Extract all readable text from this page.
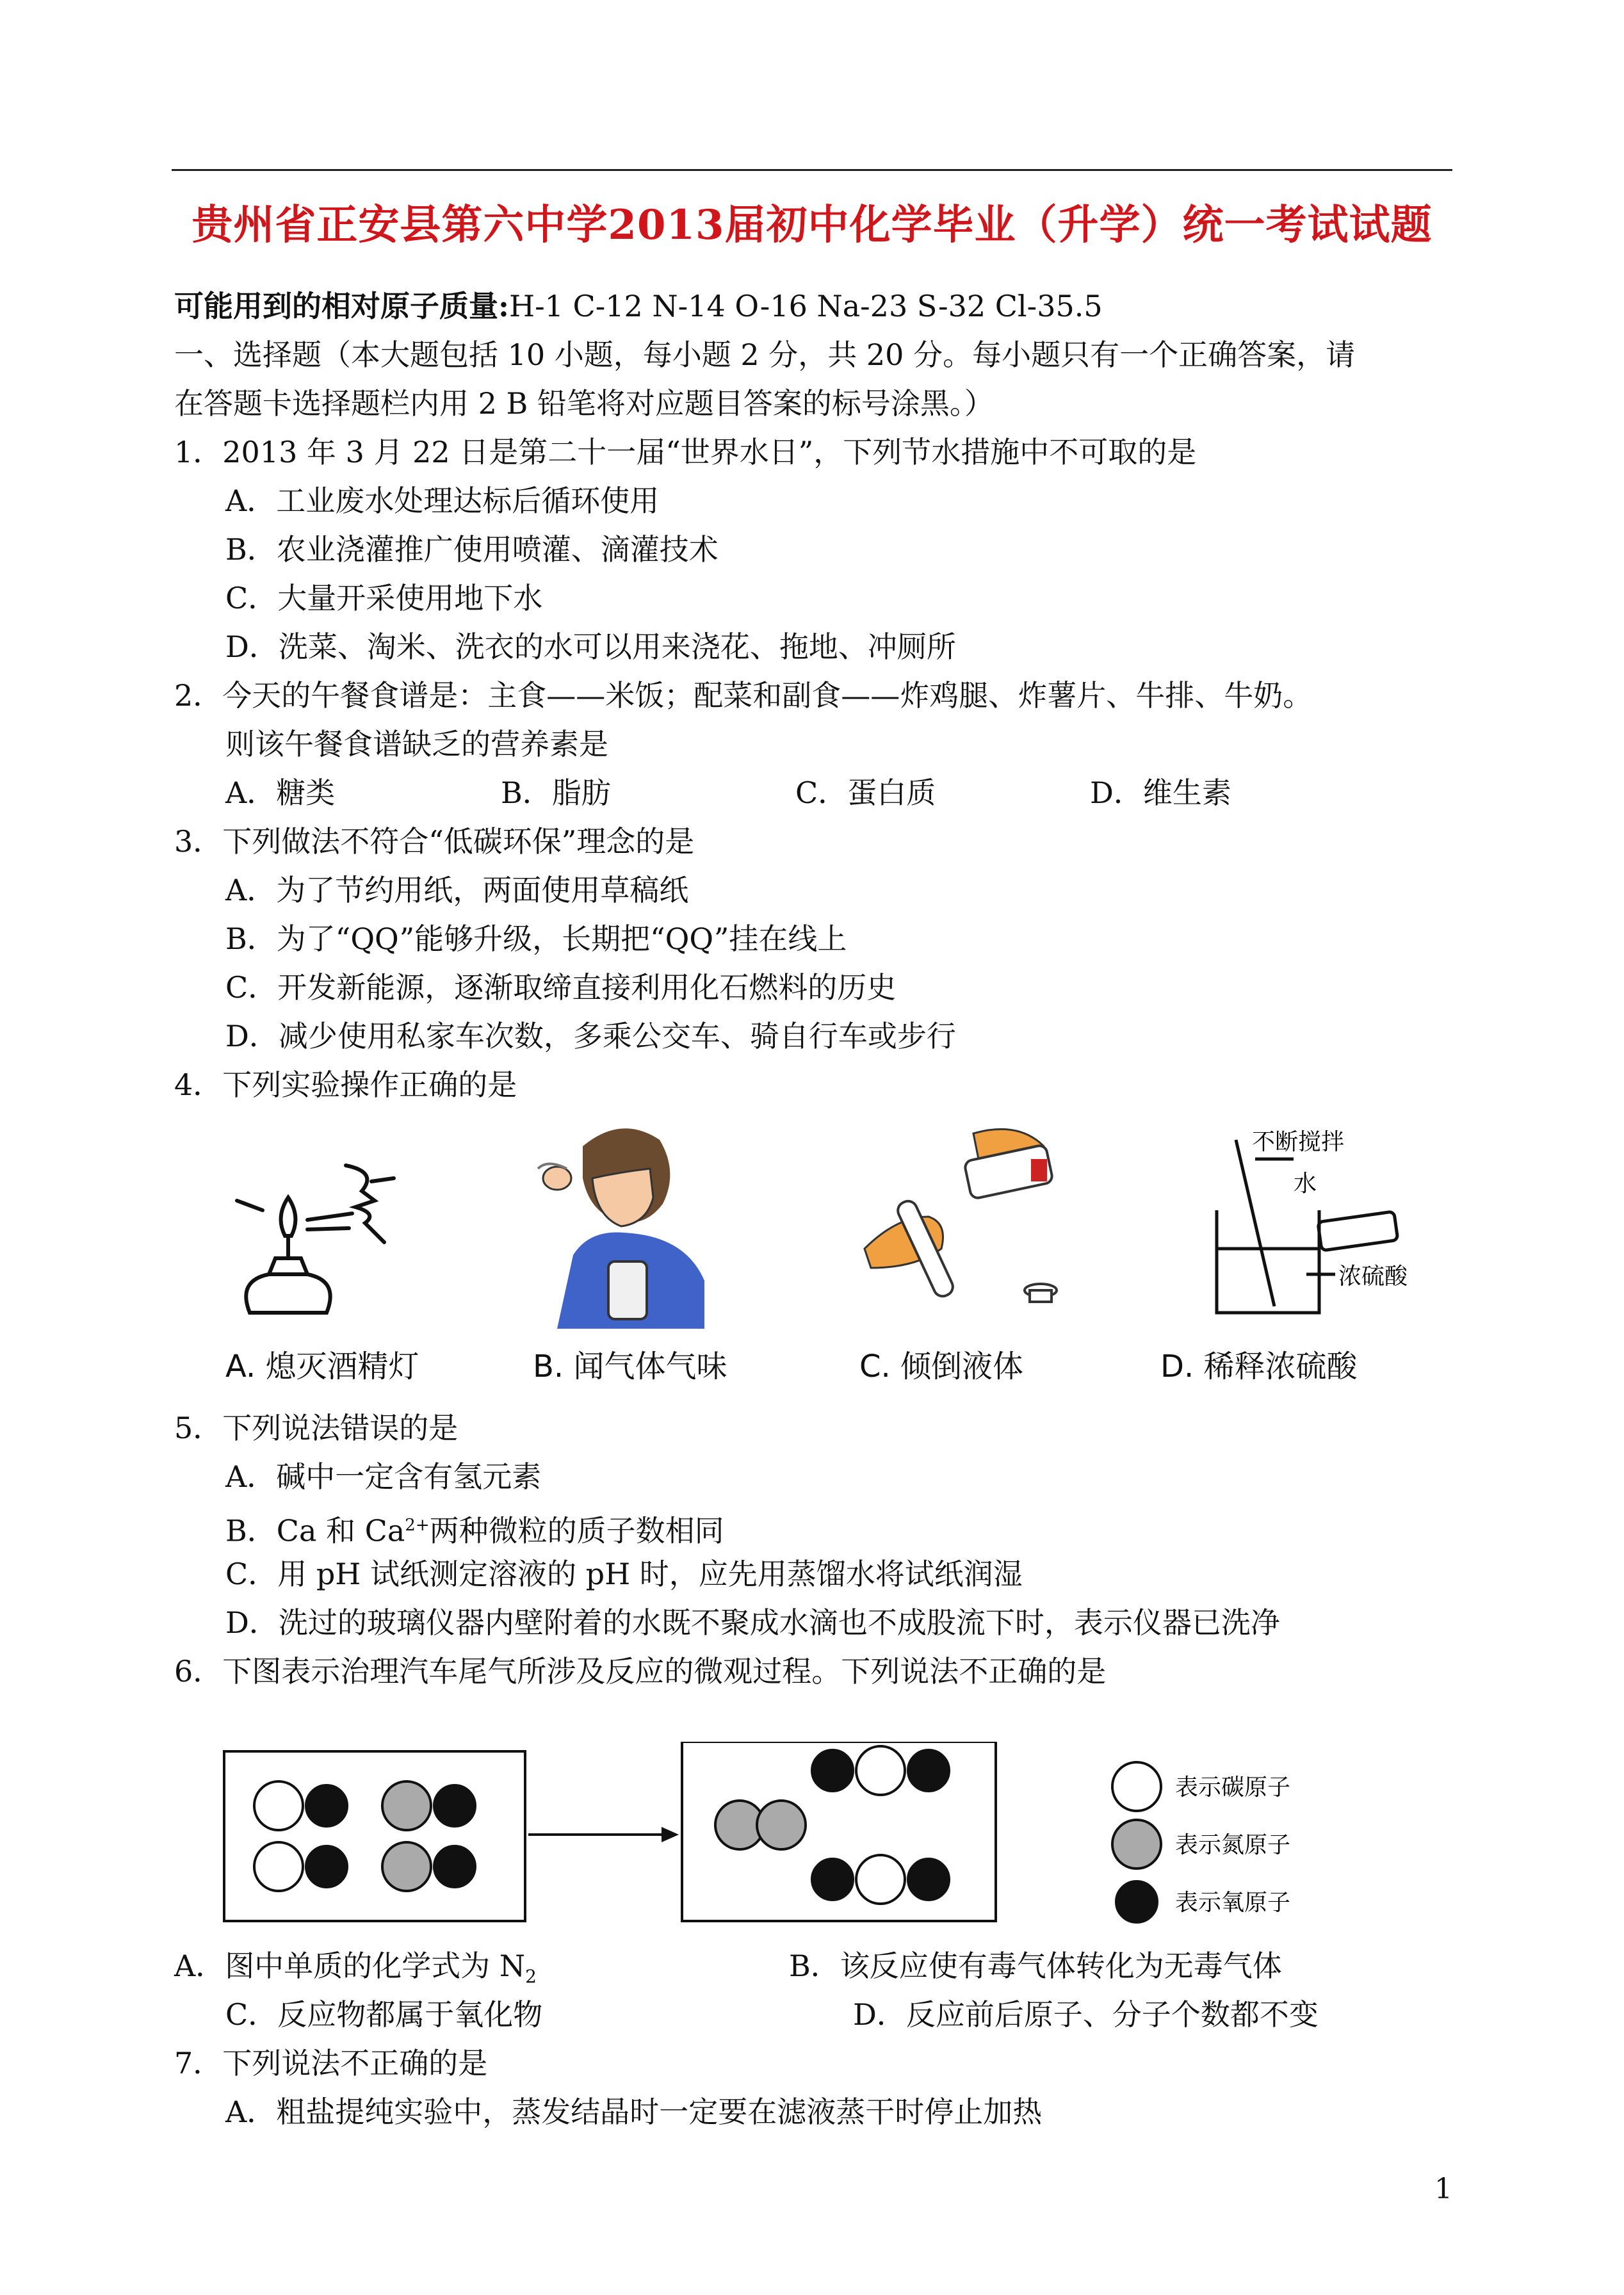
贵州省正安县第六中学2013届初中化学毕业（升学）统一考试试题
可能用到的相对原子质量:H-1 C-12 N-14 O-16 Na-23 S-32 Cl-35.5
一、选择题（本大题包括 10 小题，每小题 2 分，共 20 分。每小题只有一个正确答案，请
在答题卡选择题栏内用 2 B 铅笔将对应题目答案的标号涂黑。）
1．2013 年 3 月 22 日是第二十一届“世界水日”，下列节水措施中不可取的是
A．工业废水处理达标后循环使用
B．农业浇灌推广使用喷灌、滴灌技术
C．大量开采使用地下水
D．洗菜、淘米、洗衣的水可以用来浇花、拖地、冲厕所
2．今天的午餐食谱是：主食——米饭；配菜和副食——炸鸡腿、炸薯片、牛排、牛奶。
则该午餐食谱缺乏的营养素是
A．糖类	B．脂肪	C．蛋白质	D．维生素
3．下列做法不符合“低碳环保”理念的是
A．为了节约用纸，两面使用草稿纸
B．为了“QQ”能够升级，长期把“QQ”挂在线上
C．开发新能源，逐渐取缔直接利用化石燃料的历史
D．减少使用私家车次数，多乘公交车、骑自行车或步行
4．下列实验操作正确的是
不断搅拌
水
浓硫酸
A. 熄灭酒精灯	B. 闻气体气味	C. 倾倒液体	D. 稀释浓硫酸
5．下列说法错误的是
A．碱中一定含有氢元素
B．Ca 和 $Ca^{2+}$两种微粒的质子数相同
C．用 pH 试纸测定溶液的 pH 时，应先用蒸馏水将试纸润湿
D．洗过的玻璃仪器内壁附着的水既不聚成水滴也不成股流下时，表示仪器已洗净
6．下图表示治理汽车尾气所涉及反应的微观过程。下列说法不正确的是
表示碳原子
表示氮原子
表示氧原子
A．图中单质的化学式为 $N_2$	B．该反应使有毒气体转化为无毒气体
C．反应物都属于氧化物	D．反应前后原子、分子个数都不变
7．下列说法不正确的是
A．粗盐提纯实验中，蒸发结晶时一定要在滤液蒸干时停止加热
1
